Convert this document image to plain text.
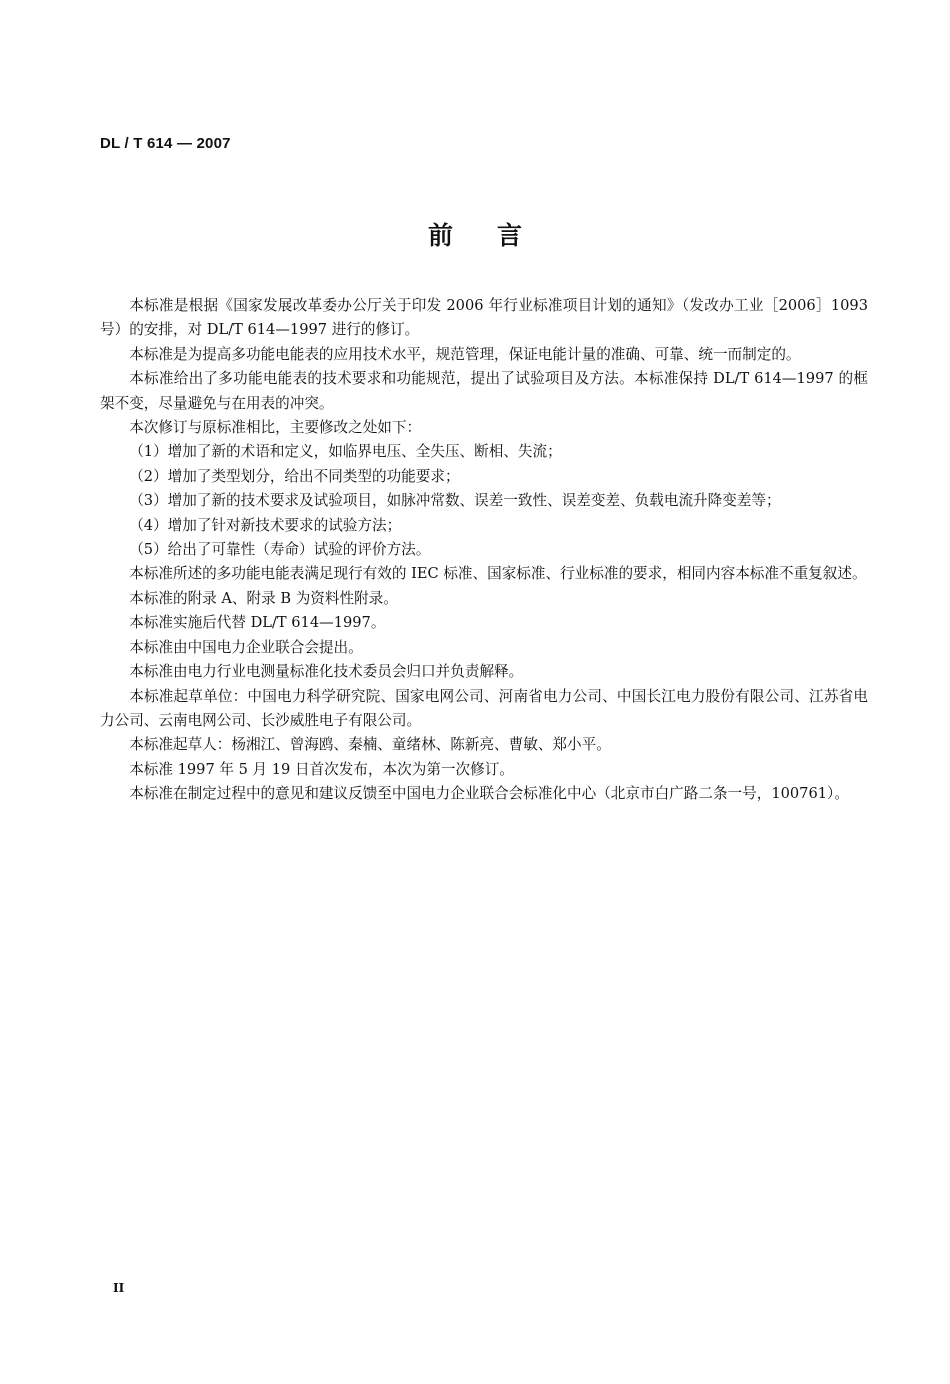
DL / T 614 — 2007
前言

本标准是根据《国家发展改革委办公厅关于印发 2006 年行业标准项目计划的通知》（发改办工业［2006］1093 号）的安排，对 DL/T 614—1997 进行的修订。

本标准是为提高多功能电能表的应用技术水平，规范管理，保证电能计量的准确、可靠、统一而制定的。

本标准给出了多功能电能表的技术要求和功能规范，提出了试验项目及方法。本标准保持 DL/T 614—1997 的框架不变，尽量避免与在用表的冲突。

本次修订与原标准相比，主要修改之处如下：

（1）增加了新的术语和定义，如临界电压、全失压、断相、失流；

（2）增加了类型划分，给出不同类型的功能要求；

（3）增加了新的技术要求及试验项目，如脉冲常数、误差一致性、误差变差、负载电流升降变差等；

（4）增加了针对新技术要求的试验方法；

（5）给出了可靠性（寿命）试验的评价方法。

本标准所述的多功能电能表满足现行有效的 IEC 标准、国家标准、行业标准的要求，相同内容本标准不重复叙述。

本标准的附录 A、附录 B 为资料性附录。

本标准实施后代替 DL/T 614—1997。

本标准由中国电力企业联合会提出。

本标准由电力行业电测量标准化技术委员会归口并负责解释。

本标准起草单位：中国电力科学研究院、国家电网公司、河南省电力公司、中国长江电力股份有限公司、江苏省电力公司、云南电网公司、长沙威胜电子有限公司。

本标准起草人：杨湘江、曾海鸥、秦楠、童绪林、陈新亮、曹敏、郑小平。

本标准 1997 年 5 月 19 日首次发布，本次为第一次修订。

本标准在制定过程中的意见和建议反馈至中国电力企业联合会标准化中心（北京市白广路二条一号，100761）。

II
